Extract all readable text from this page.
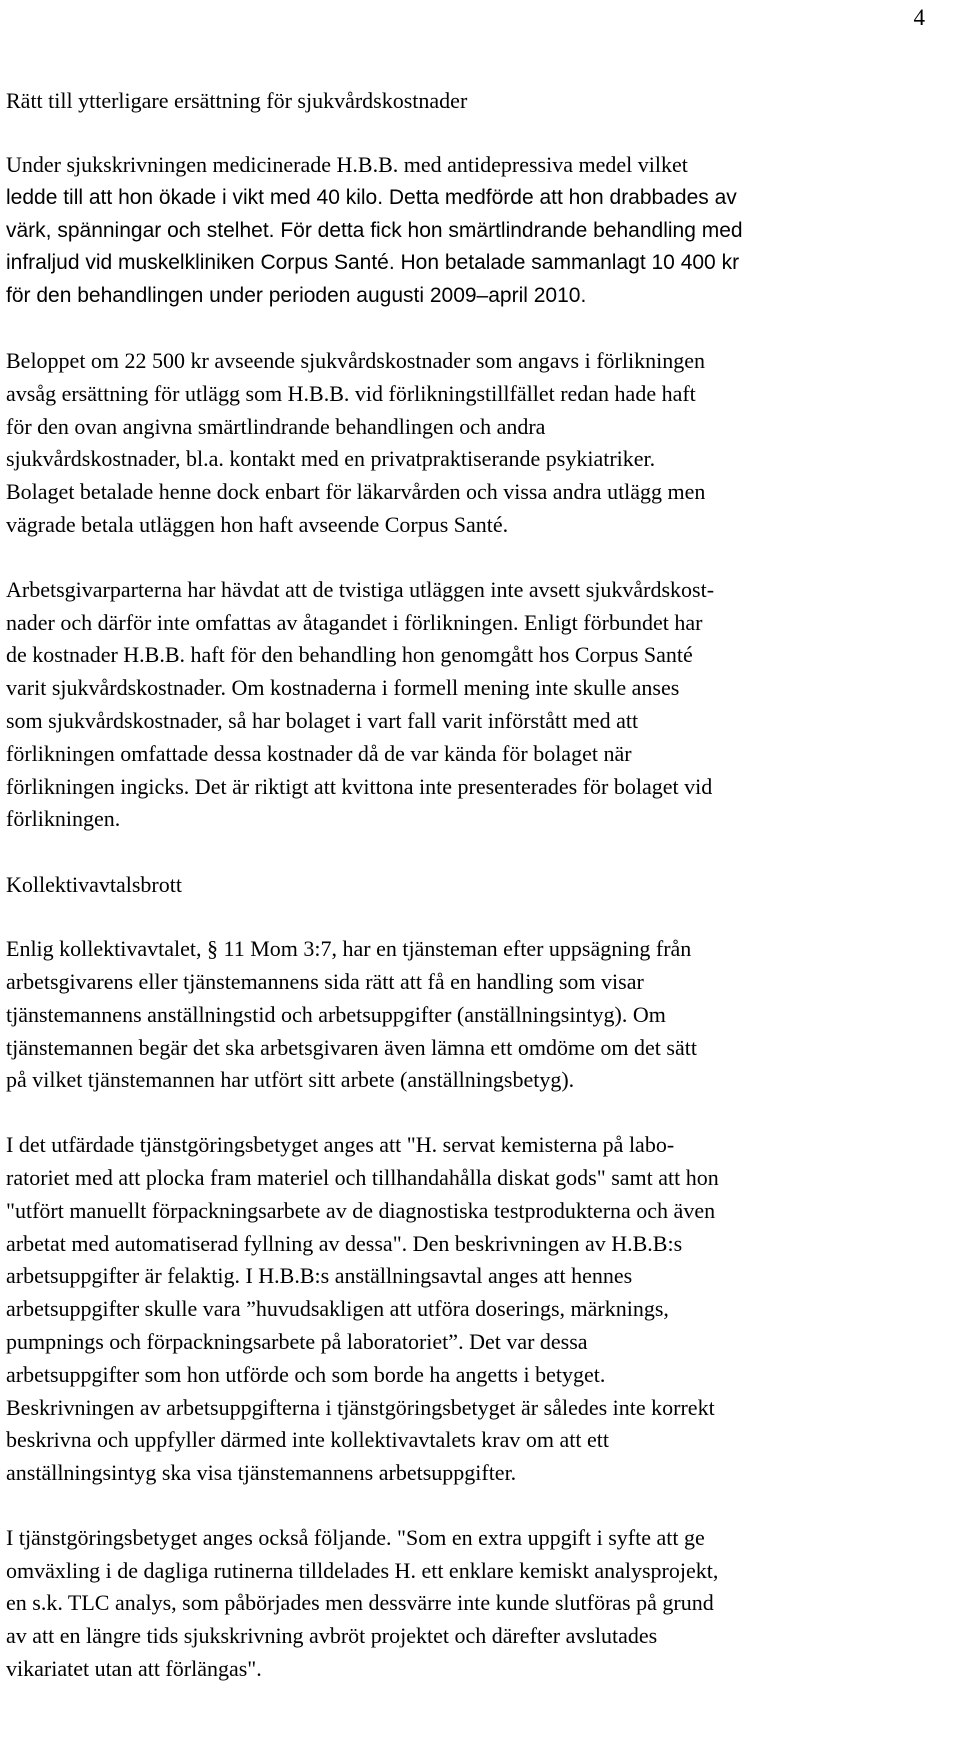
4
Rätt till ytterligare ersättning för sjukvårdskostnader
Under sjukskrivningen medicinerade H.B.B. med antidepressiva medel vilket
ledde till att hon ökade i vikt med 40 kilo. Detta medförde att hon drabbades av
värk, spänningar och stelhet. För detta fick hon smärtlindrande behandling med
infraljud vid muskelkliniken Corpus Santé. Hon betalade sammanlagt 10 400 kr
för den behandlingen under perioden augusti 2009–april 2010.
Beloppet om 22 500 kr avseende sjukvårdskostnader som angavs i förlikningen
avsåg ersättning för utlägg som H.B.B. vid förlikningstillfället redan hade haft
för den ovan angivna smärtlindrande behandlingen och andra
sjukvårdskostnader, bl.a. kontakt med en privatpraktiserande psykiatriker.
Bolaget betalade henne dock enbart för läkarvården och vissa andra utlägg men
vägrade betala utläggen hon haft avseende Corpus Santé.
Arbetsgivarparterna har hävdat att de tvistiga utläggen inte avsett sjukvårdskost-
nader och därför inte omfattas av åtagandet i förlikningen. Enligt förbundet har
de kostnader H.B.B. haft för den behandling hon genomgått hos Corpus Santé
varit sjukvårdskostnader. Om kostnaderna i formell mening inte skulle anses
som sjukvårdskostnader, så har bolaget i vart fall varit införstått med att
förlikningen omfattade dessa kostnader då de var kända för bolaget när
förlikningen ingicks. Det är riktigt att kvittona inte presenterades för bolaget vid
förlikningen.
Kollektivavtalsbrott
Enlig kollektivavtalet, § 11 Mom 3:7, har en tjänsteman efter uppsägning från
arbetsgivarens eller tjänstemannens sida rätt att få en handling som visar
tjänstemannens anställningstid och arbetsuppgifter (anställningsintyg). Om
tjänstemannen begär det ska arbetsgivaren även lämna ett omdöme om det sätt
på vilket tjänstemannen har utfört sitt arbete (anställningsbetyg).
I det utfärdade tjänstgöringsbetyget anges att "H. servat kemisterna på labo-
ratoriet med att plocka fram materiel och tillhandahålla diskat gods" samt att hon
"utfört manuellt förpackningsarbete av de diagnostiska testprodukterna och även
arbetat med automatiserad fyllning av dessa". Den beskrivningen av H.B.B:s
arbetsuppgifter är felaktig. I H.B.B:s anställningsavtal anges att hennes
arbetsuppgifter skulle vara ”huvudsakligen att utföra doserings, märknings,
pumpnings och förpackningsarbete på laboratoriet”. Det var dessa
arbetsuppgifter som hon utförde och som borde ha angetts i betyget.
Beskrivningen av arbetsuppgifterna i tjänstgöringsbetyget är således inte korrekt
beskrivna och uppfyller därmed inte kollektivavtalets krav om att ett
anställningsintyg ska visa tjänstemannens arbetsuppgifter.
I tjänstgöringsbetyget anges också följande. "Som en extra uppgift i syfte att ge
omväxling i de dagliga rutinerna tilldelades H. ett enklare kemiskt analysprojekt,
en s.k. TLC analys, som påbörjades men dessvärre inte kunde slutföras på grund
av att en längre tids sjukskrivning avbröt projektet och därefter avslutades
vikariatet utan att förlängas".
